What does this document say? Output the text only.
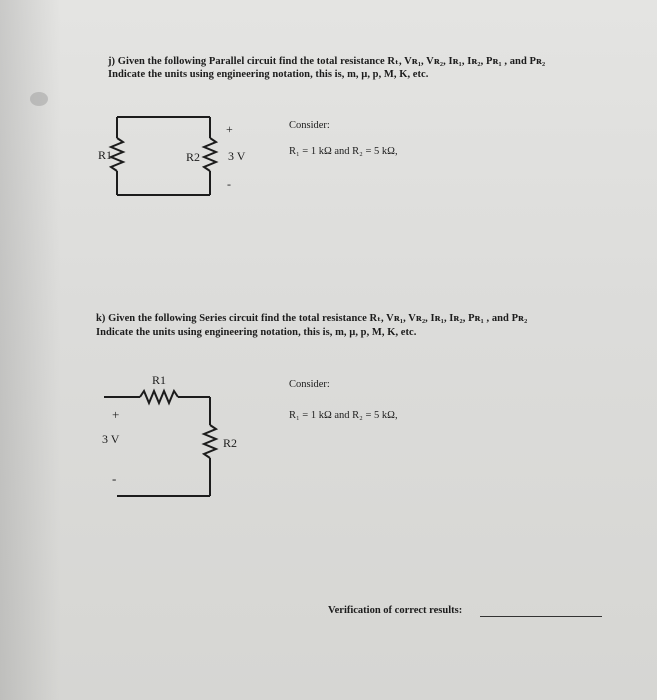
j) Given the following Parallel circuit find the total resistance Rₜ, Vʀ₁, Vʀ₂, Iʀ₁, Iʀ₂, Pʀ₁ , and Pʀ₂
Indicate the units using engineering notation, this is, m, µ, p, M, K, etc.
Consider:
R₁ = 1 kΩ and R₂ = 5 kΩ,
k) Given the following Series circuit find the total resistance Rₜ, Vʀ₁, Vʀ₂, Iʀ₁, Iʀ₂, Pʀ₁ , and Pʀ₂
Indicate the units using engineering notation, this is, m, µ, p, M, K, etc.
Consider:
R₁ = 1 kΩ and R₂ = 5 kΩ,
R1	R2
+
3 V
-
R1
R2
+
3 V
-
Verification of correct results:
